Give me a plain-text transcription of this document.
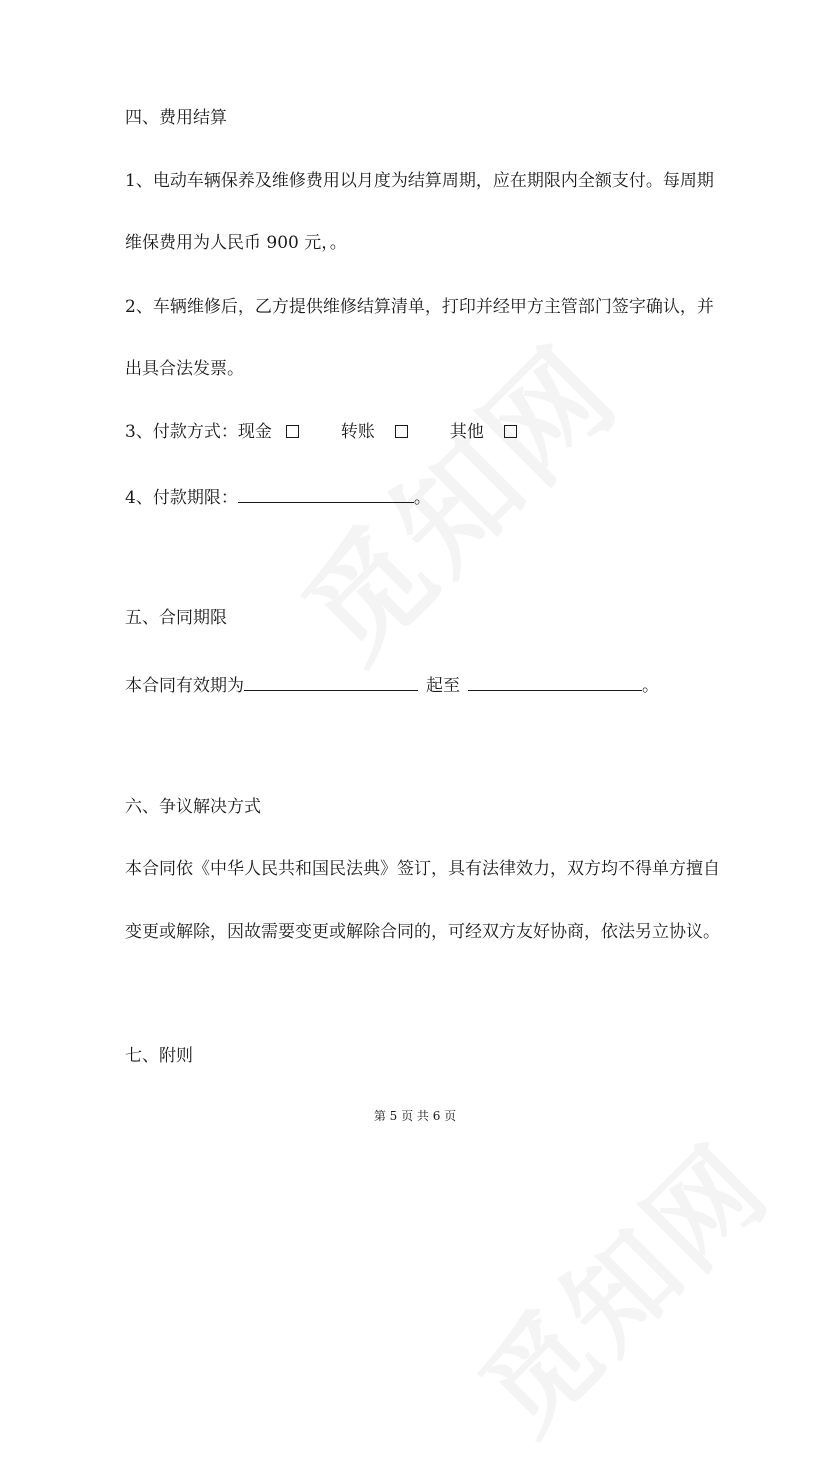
四、费用结算
1、电动车辆保养及维修费用以月度为结算周期，应在期限内全额支付。每周期
维保费用为人民币 900 元，。
2、车辆维修后，乙方提供维修结算清单，打印并经甲方主管部门签字确认，并
出具合法发票。
3、付款方式：现金	转账	其他
4、付款期限：	。
五、合同期限
本合同有效期为	起至	。
六、争议解决方式
本合同依《中华人民共和国民法典》签订，具有法律效力，双方均不得单方擅自
变更或解除，因故需要变更或解除合同的，可经双方友好协商，依法另立协议。
七、附则
第 5 页 共 6 页
